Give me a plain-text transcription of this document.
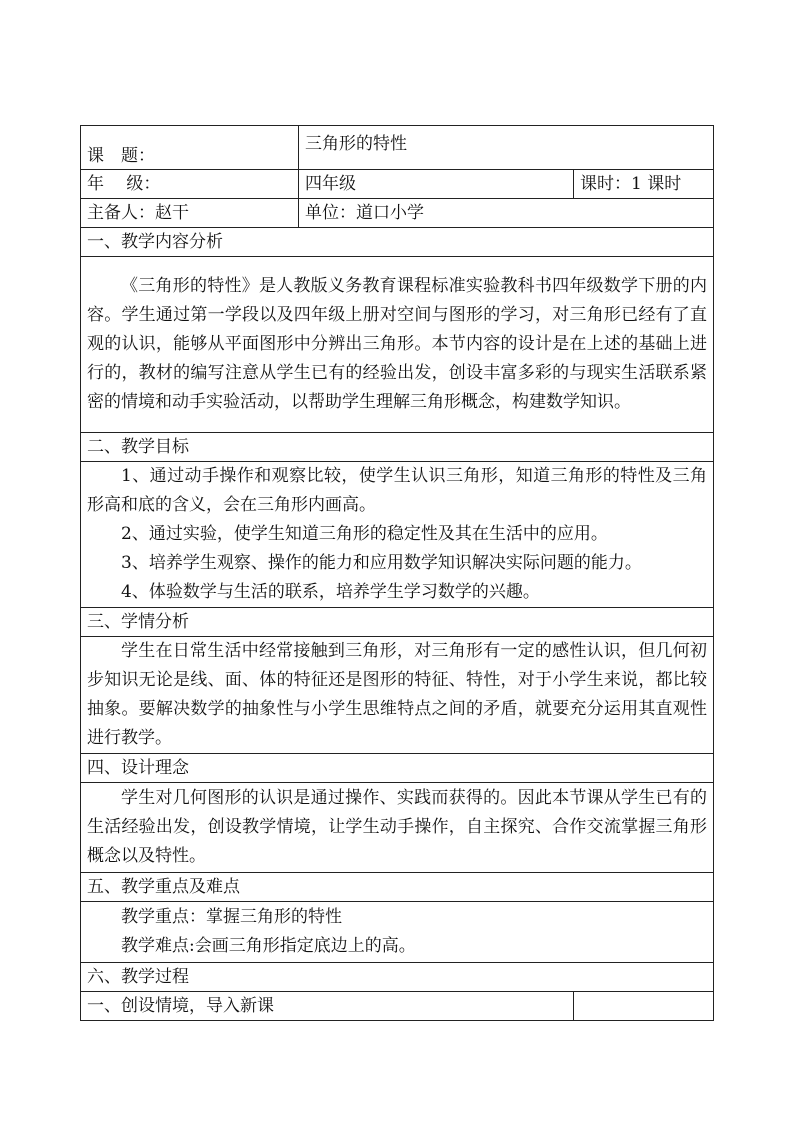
课　题：	三角形的特性	
年　 级：	四年级	课时：1 课时
主备人：赵干	单位：道口小学	
一、教学内容分析		

《三角形的特性》是人教版义务教育课程标准实验教科书四年级数学下册的内容。学生通过第一学段以及四年级上册对空间与图形的学习，对三角形已经有了直观的认识，能够从平面图形中分辨出三角形。本节内容的设计是在上述的基础上进行的，教材的编写注意从学生已有的经验出发，创设丰富多彩的与现实生活联系紧密的情境和动手实验活动，以帮助学生理解三角形概念，构建数学知识。		

二、教学目标		

1、通过动手操作和观察比较，使学生认识三角形，知道三角形的特性及三角形高和底的含义，会在三角形内画高。

2、通过实验，使学生知道三角形的稳定性及其在生活中的应用。

3、培养学生观察、操作的能力和应用数学知识解决实际问题的能力。

4、体验数学与生活的联系，培养学生学习数学的兴趣。		

三、学情分析		

学生在日常生活中经常接触到三角形，对三角形有一定的感性认识，但几何初步知识无论是线、面、体的特征还是图形的特征、特性，对于小学生来说，都比较抽象。要解决数学的抽象性与小学生思维特点之间的矛盾，就要充分运用其直观性进行教学。		

四、设计理念		

学生对几何图形的认识是通过操作、实践而获得的。因此本节课从学生已有的生活经验出发，创设教学情境，让学生动手操作，自主探究、合作交流掌握三角形概念以及特性。		

五、教学重点及难点		

教学重点：掌握三角形的特性

教学难点:会画三角形指定底边上的高。		

六、教学过程		
一、创设情境，导入新课		
